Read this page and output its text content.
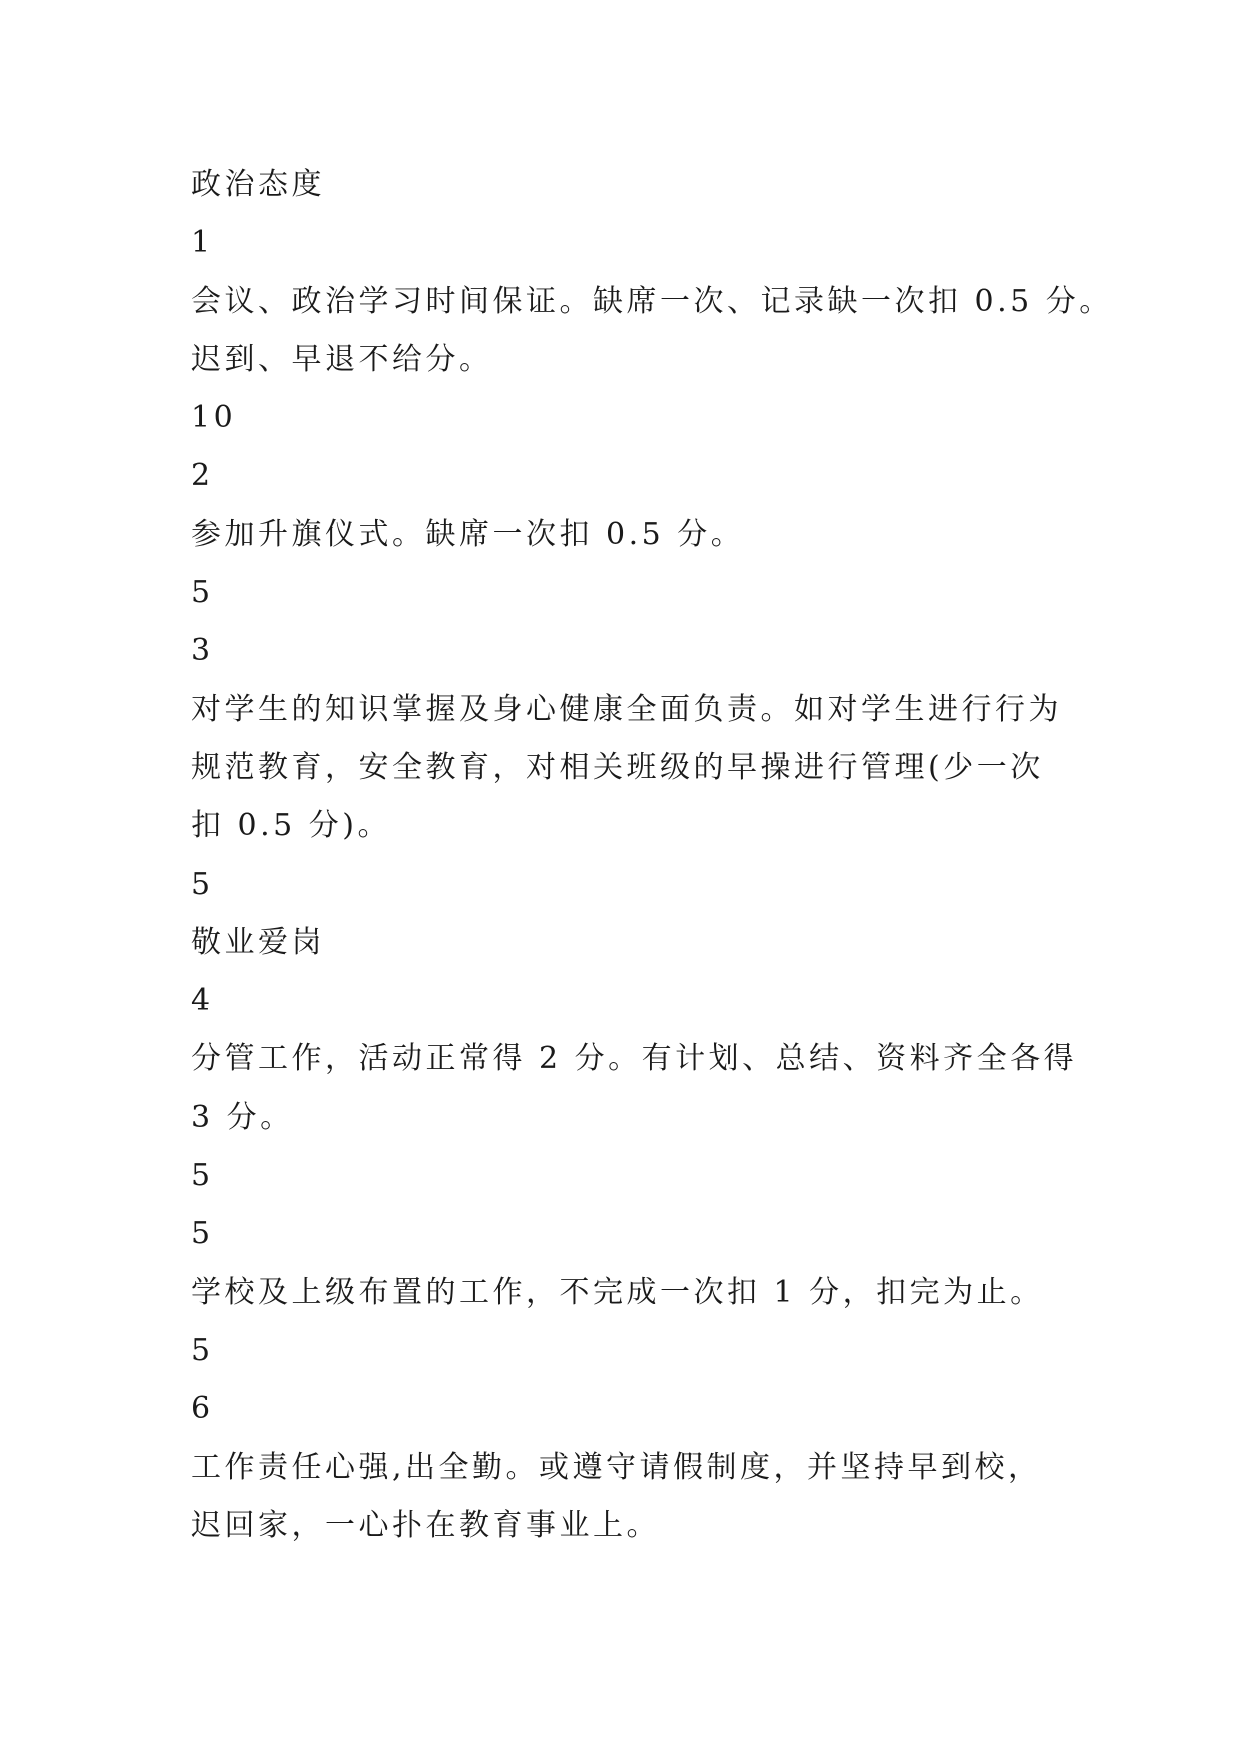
政治态度
1
会议、政治学习时间保证。缺席一次、记录缺一次扣 0.5 分。
迟到、早退不给分。
10
2
参加升旗仪式。缺席一次扣 0.5 分。
5
3
对学生的知识掌握及身心健康全面负责。如对学生进行行为
规范教育，安全教育，对相关班级的早操进行管理(少一次
扣 0.5 分)。
5
敬业爱岗
4
分管工作，活动正常得 2 分。有计划、总结、资料齐全各得
3 分。
5
5
学校及上级布置的工作，不完成一次扣 1 分，扣完为止。
5
6
工作责任心强,出全勤。或遵守请假制度，并坚持早到校，
迟回家，一心扑在教育事业上。
